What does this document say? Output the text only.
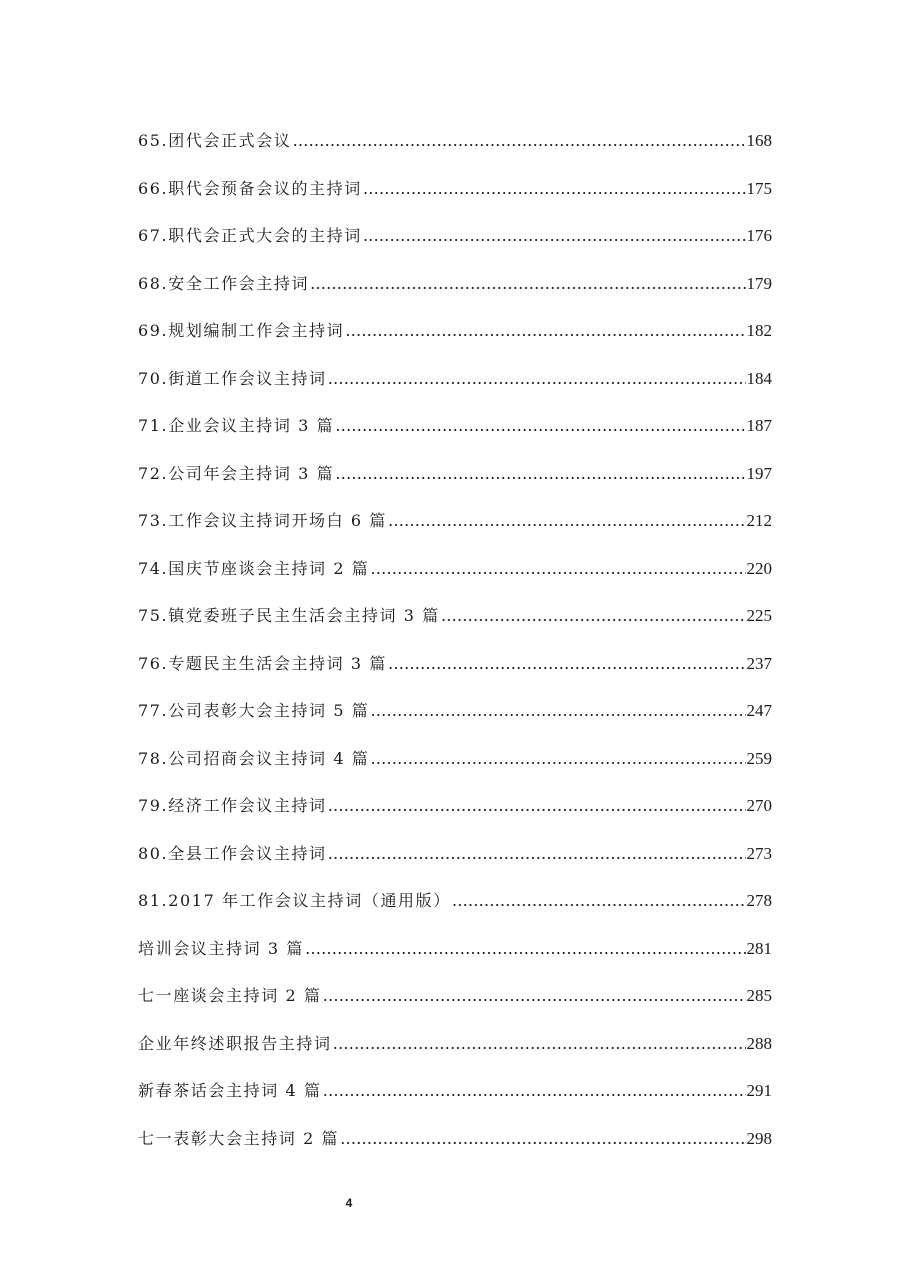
65.团代会正式会议 …………………………………………………………………………………………………………………………………………	168
66.职代会预备会议的主持词 …………………………………………………………………………………………………………………………………………	175
67.职代会正式大会的主持词 …………………………………………………………………………………………………………………………………………	176
68.安全工作会主持词 …………………………………………………………………………………………………………………………………………	179
69.规划编制工作会主持词 …………………………………………………………………………………………………………………………………………	182
70.街道工作会议主持词 …………………………………………………………………………………………………………………………………………	184
71.企业会议主持词 3 篇 …………………………………………………………………………………………………………………………………………	187
72.公司年会主持词 3 篇 …………………………………………………………………………………………………………………………………………	197
73.工作会议主持词开场白 6 篇 …………………………………………………………………………………………………………………………………………	212
74.国庆节座谈会主持词 2 篇 …………………………………………………………………………………………………………………………………………	220
75.镇党委班子民主生活会主持词 3 篇 …………………………………………………………………………………………………………………………………………	225
76.专题民主生活会主持词 3 篇 …………………………………………………………………………………………………………………………………………	237
77.公司表彰大会主持词 5 篇 …………………………………………………………………………………………………………………………………………	247
78.公司招商会议主持词 4 篇 …………………………………………………………………………………………………………………………………………	259
79.经济工作会议主持词 …………………………………………………………………………………………………………………………………………	270
80.全县工作会议主持词 …………………………………………………………………………………………………………………………………………	273
81.2017 年工作会议主持词（通用版） …………………………………………………………………………………………………………………………………………	278
培训会议主持词 3 篇 …………………………………………………………………………………………………………………………………………	281
七一座谈会主持词 2 篇 …………………………………………………………………………………………………………………………………………	285
企业年终述职报告主持词 …………………………………………………………………………………………………………………………………………	288
新春茶话会主持词 4 篇 …………………………………………………………………………………………………………………………………………	291
七一表彰大会主持词 2 篇 …………………………………………………………………………………………………………………………………………	298
4
